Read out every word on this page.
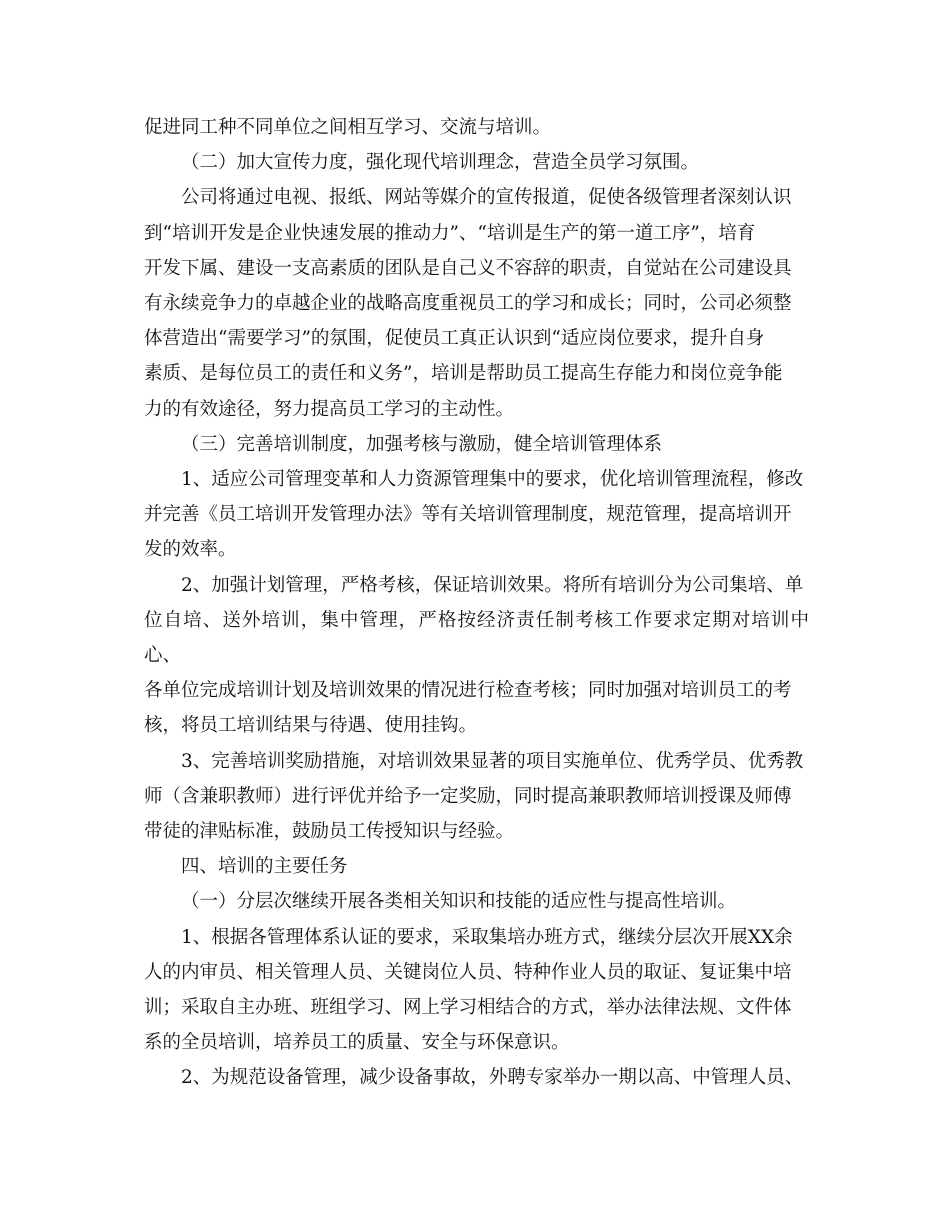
促进同工种不同单位之间相互学习、交流与培训。

（二）加大宣传力度，强化现代培训理念，营造全员学习氛围。

公司将通过电视、报纸、网站等媒介的宣传报道，促使各级管理者深刻认识
到“培训开发是企业快速发展的推动力”、“培训是生产的第一道工序”，培育
开发下属、建设一支高素质的团队是自己义不容辞的职责，自觉站在公司建设具
有永续竞争力的卓越企业的战略高度重视员工的学习和成长；同时，公司必须整
体营造出“需要学习”的氛围，促使员工真正认识到“适应岗位要求，提升自身
素质、是每位员工的责任和义务”，培训是帮助员工提高生存能力和岗位竞争能
力的有效途径，努力提高员工学习的主动性。

（三）完善培训制度，加强考核与激励，健全培训管理体系

1、适应公司管理变革和人力资源管理集中的要求，优化培训管理流程，修改
并完善《员工培训开发管理办法》等有关培训管理制度，规范管理，提高培训开
发的效率。

2、加强计划管理，严格考核，保证培训效果。将所有培训分为公司集培、单
位自培、送外培训，集中管理，严格按经济责任制考核工作要求定期对培训中心、
各单位完成培训计划及培训效果的情况进行检查考核；同时加强对培训员工的考
核，将员工培训结果与待遇、使用挂钩。

3、完善培训奖励措施，对培训效果显著的项目实施单位、优秀学员、优秀教
师（含兼职教师）进行评优并给予一定奖励，同时提高兼职教师培训授课及师傅
带徒的津贴标准，鼓励员工传授知识与经验。

四、培训的主要任务

（一）分层次继续开展各类相关知识和技能的适应性与提高性培训。

1、根据各管理体系认证的要求，采取集培办班方式，继续分层次开展XX余
人的内审员、相关管理人员、关键岗位人员、特种作业人员的取证、复证集中培
训；采取自主办班、班组学习、网上学习相结合的方式，举办法律法规、文件体
系的全员培训，培养员工的质量、安全与环保意识。

2、为规范设备管理，减少设备事故，外聘专家举办一期以高、中管理人员、
